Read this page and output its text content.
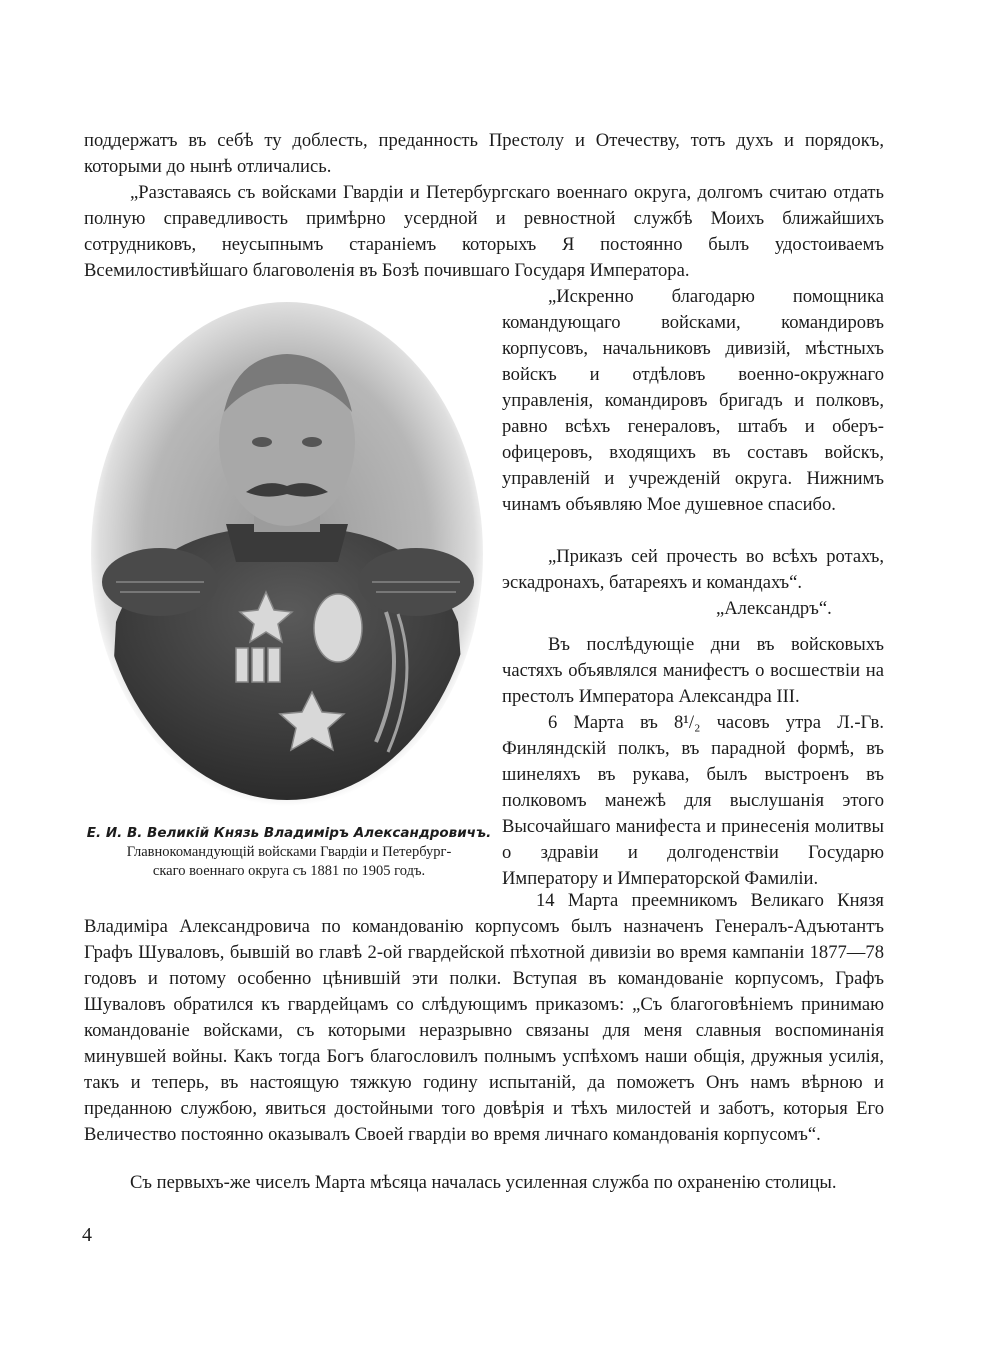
поддержатъ въ себѣ ту доблесть, преданность Престолу и Отечеству, тотъ духъ и порядокъ, которыми до нынѣ отличались.

„Разставаясь съ войсками Гвардіи и Петербургскаго военнаго округа, долгомъ считаю отдать полную справедливость примѣрно усердной и ревностной службѣ Моихъ ближайшихъ сотрудниковъ, неусыпнымъ стараніемъ которыхъ Я постоянно былъ удостоиваемъ Всемилостивѣйшаго благоволенія въ Бозѣ почившаго Государя Императора.

„Искренно благодарю помощника командующаго войсками, командировъ корпусовъ, начальниковъ дивизій, мѣстныхъ войскъ и отдѣловъ военно-окружнаго управленія, командировъ бригадъ и полковъ, равно всѣхъ генераловъ, штабъ и оберъ-офицеровъ, входящихъ въ составъ войскъ, управленій и учрежденій округа. Нижнимъ чинамъ объявляю Мое душевное спасибо.

„Приказъ сей прочесть во всѣхъ ротахъ, эскадронахъ, батареяхъ и командахъ“.

„Александръ“.

Въ послѣдующіе дни въ войсковыхъ частяхъ объявлялся манифестъ о восшествіи на престолъ Императора Александра III.

6 Марта въ 8¹/₂ часовъ утра Л.-Гв. Финляндскій полкъ, въ парадной формѣ, въ шинеляхъ въ рукава, былъ выстроенъ въ полковомъ манежѣ для выслушанія этого Высочайшаго манифеста и принесенія молитвы о здравіи и долгоденствіи Государю Императору и Императорской Фамиліи.

14 Марта преемникомъ Великаго Князя Владиміра Александровича по командованію корпусомъ былъ назначенъ Генералъ-Адъютантъ Графъ Шуваловъ, бывшій во главѣ 2-ой гвардейской пѣхотной дивизіи во время кампаніи 1877—78 годовъ и потому особенно цѣнившій эти полки. Вступая въ командованіе корпусомъ, Графъ Шуваловъ обратился къ гвардейцамъ со слѣдующимъ приказомъ: „Съ благоговѣніемъ принимаю командованіе войсками, съ которыми неразрывно связаны для меня славныя воспоминанія минувшей войны. Какъ тогда Богъ благословилъ полнымъ успѣхомъ наши общія, дружныя усилія, такъ и теперь, въ настоящую тяжкую годину испытаній, да поможетъ Онъ намъ вѣрною и преданною службою, явиться достойными того довѣрія и тѣхъ милостей и заботъ, которыя Его Величество постоянно оказывалъ Своей гвардіи во время личнаго командованія корпусомъ“.

Съ первыхъ-же чиселъ Марта мѣсяца началась усиленная служба по охраненію столицы.

Е. И. В. Великій Князь Владиміръ Александровичъ.
Главнокомандующій войсками Гвардіи и Петербург-
скаго военнаго округа съ 1881 по 1905 годъ.
4
